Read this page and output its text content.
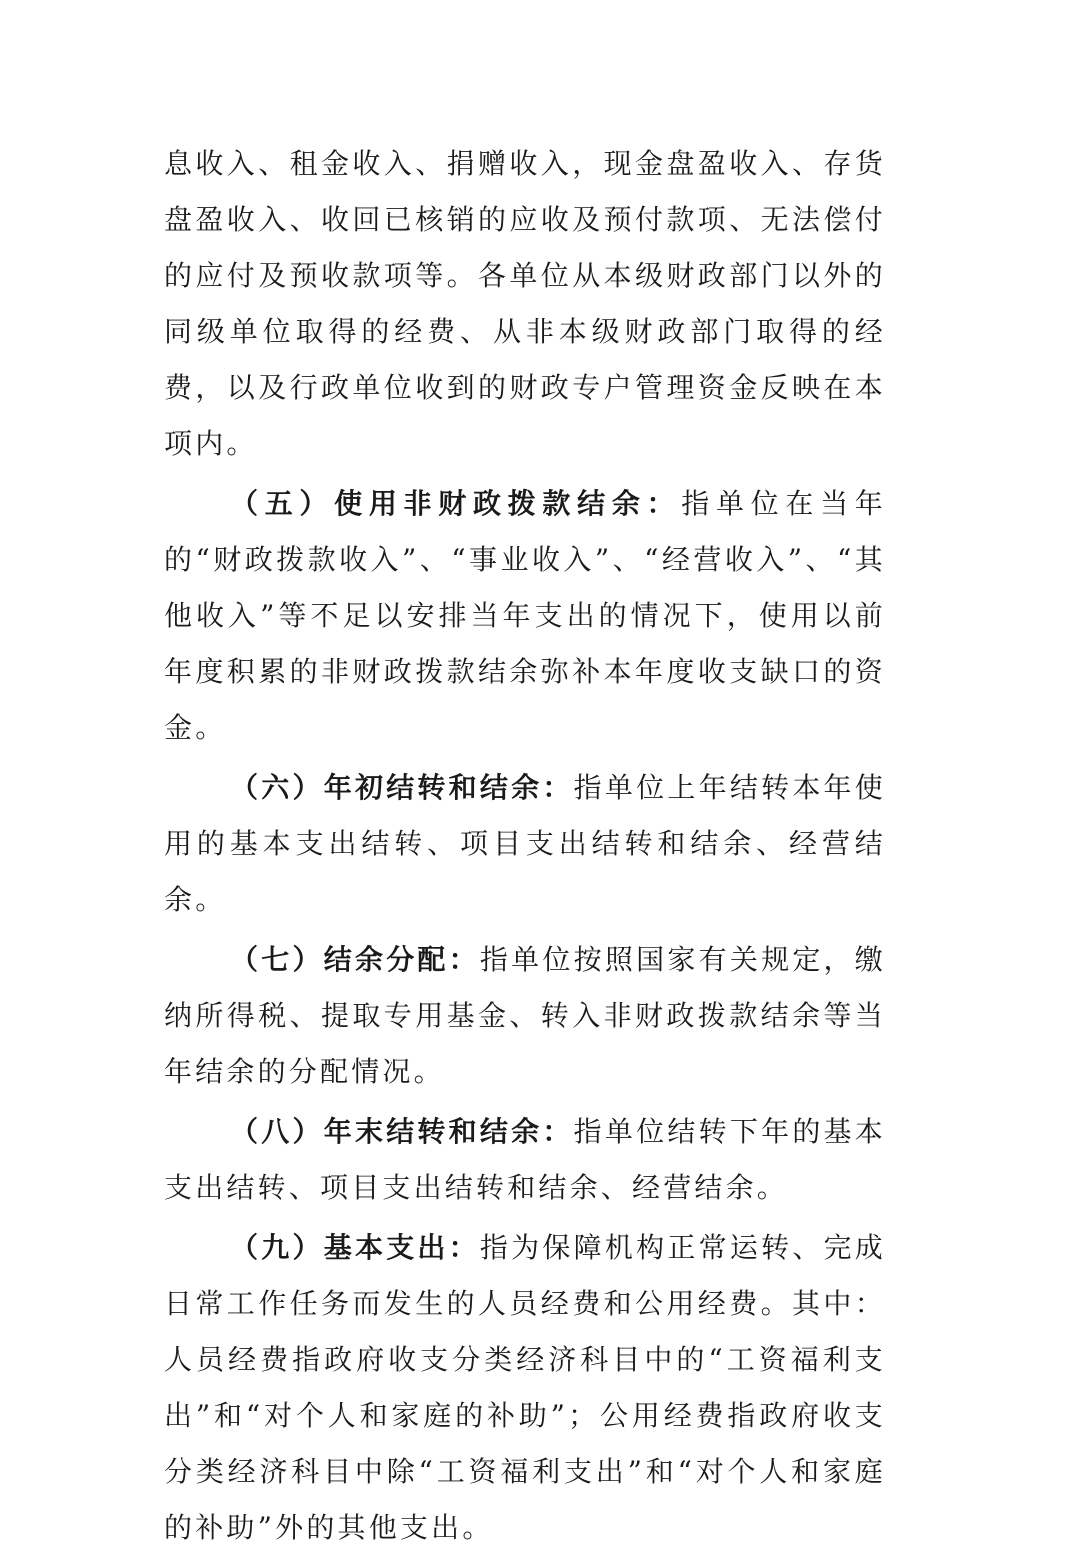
息收入、租金收入、捐赠收入，现金盘盈收入、存货盘盈收入、收回已核销的应收及预付款项、无法偿付的应付及预收款项等。各单位从本级财政部门以外的同级单位取得的经费、从非本级财政部门取得的经费，以及行政单位收到的财政专户管理资金反映在本项内。

（五）使用非财政拨款结余：指单位在当年的“财政拨款收入”、“事业收入”、“经营收入”、“其他收入”等不足以安排当年支出的情况下，使用以前年度积累的非财政拨款结余弥补本年度收支缺口的资金。

（六）年初结转和结余：指单位上年结转本年使用的基本支出结转、项目支出结转和结余、经营结余。

（七）结余分配：指单位按照国家有关规定，缴纳所得税、提取专用基金、转入非财政拨款结余等当年结余的分配情况。

（八）年末结转和结余：指单位结转下年的基本支出结转、项目支出结转和结余、经营结余。

（九）基本支出：指为保障机构正常运转、完成日常工作任务而发生的人员经费和公用经费。其中：人员经费指政府收支分类经济科目中的“工资福利支出”和“对个人和家庭的补助”；公用经费指政府收支分类经济科目中除“工资福利支出”和“对个人和家庭的补助”外的其他支出。
